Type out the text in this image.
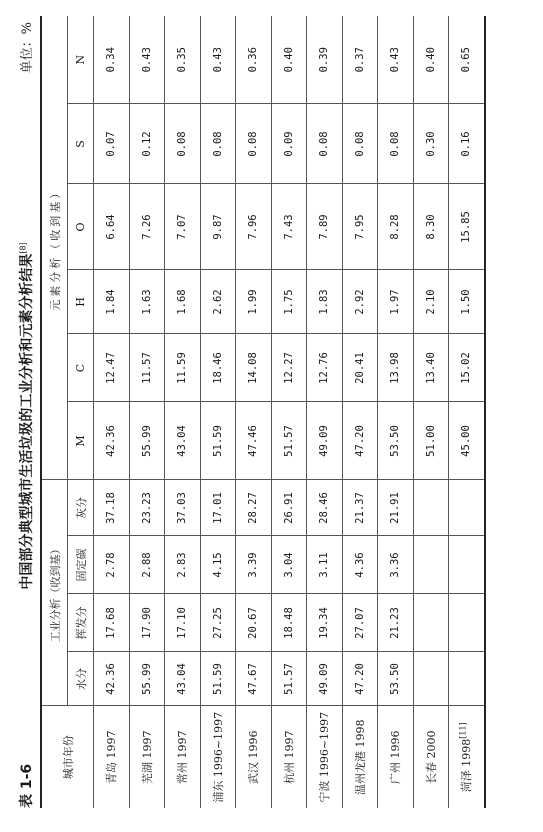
表 1-6
中国部分典型城市生活垃圾的工业分析和元素分析结果[8]
单位：%
城市年份	工业分析（收到基）				元素分析（收到基）					
	水分	挥发分	固定碳	灰分	M	C	H	O	S	N
青岛 1997	42.36	17.68	2.78	37.18	42.36	12.47	1.84	6.64	0.07	0.34
芜湖 1997	55.99	17.90	2.88	23.23	55.99	11.57	1.63	7.26	0.12	0.43
常州 1997	43.04	17.10	2.83	37.03	43.04	11.59	1.68	7.07	0.08	0.35
浦东 1996~1997	51.59	27.25	4.15	17.01	51.59	18.46	2.62	9.87	0.08	0.43
武汉 1996	47.67	20.67	3.39	28.27	47.46	14.08	1.99	7.96	0.08	0.36
杭州 1997	51.57	18.48	3.04	26.91	51.57	12.27	1.75	7.43	0.09	0.40
宁波 1996~1997	49.09	19.34	3.11	28.46	49.09	12.76	1.83	7.89	0.08	0.39
温州龙港 1998	47.20	27.07	4.36	21.37	47.20	20.41	2.92	7.95	0.08	0.37
广州 1996	53.50	21.23	3.36	21.91	53.50	13.98	1.97	8.28	0.08	0.43
长春 2000					51.00	13.40	2.10	8.30	0.30	0.40
菏泽 1998[11]					45.00	15.02	1.50	15.85	0.16	0.65
